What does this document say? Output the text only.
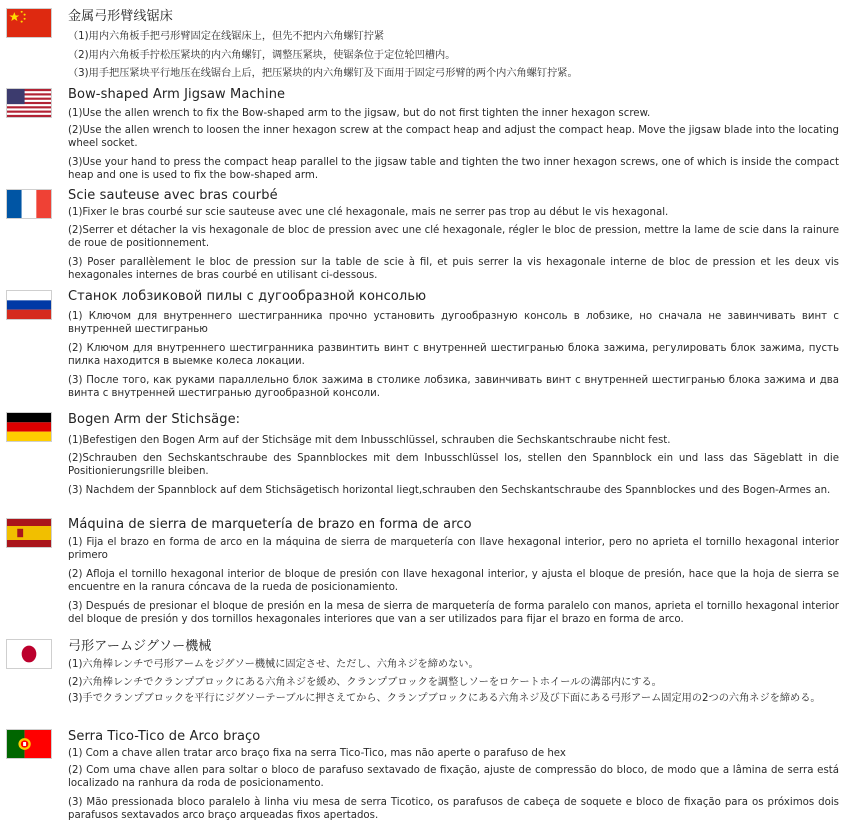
金属弓形臂线锯床
（1)用内六角板手把弓形臂固定在线锯床上，但先不把内六角螺钉拧紧
（2)用内六角板手拧松压紧块的内六角螺钉，调整压紧块，使锯条位于定位轮凹槽内。
（3)用手把压紧块平行地压在线锯台上后，把压紧块的内六角螺钉及下面用于固定弓形臂的两个内六角螺钉拧紧。
Bow-shaped Arm Jigsaw Machine
(1)Use the allen wrench to fix the Bow-shaped arm to the jigsaw, but do not first tighten the inner hexagon screw.
(2)Use the allen wrench to loosen the inner hexagon screw at the compact heap and adjust the compact heap. Move the jigsaw blade into the locating wheel socket.
(3)Use your hand to press the compact heap parallel to the jigsaw table and tighten the two inner hexagon screws, one of which is inside the compact heap and one is used to fix the bow-shaped arm.
Scie sauteuse avec bras courbé
(1)Fixer le bras courbé sur scie sauteuse avec une clé hexagonale, mais ne serrer pas trop au début le vis hexagonal.
(2)Serrer et détacher la vis hexagonale de bloc de pression avec une clé hexagonale, régler le bloc de pression, mettre la lame de scie dans la rainure de roue de positionnement.
(3) Poser parallèlement le bloc de pression sur la table de scie à fil, et puis serrer la vis hexagonale interne de bloc de pression et les deux vis hexagonales internes de bras courbé en utilisant ci-dessous.
Станок лобзиковой пилы с дугообразной консолью
(1) Ключом для внутреннего шестигранника прочно установить дугообразную консоль в лобзике, но сначала не завинчивать винт с внутренней шестигранью
(2) Ключом для внутреннего шестигранника развинтить винт с внутренней шестигранью блока зажима, регулировать блок зажима, пусть пилка находится в выемке колеса локации.
(3) После того, как руками параллельно блок зажима в столике лобзика, завинчивать винт с внутренней шестигранью блока зажима и два винта с внутренней шестигранью дугообразной консоли.
Bogen Arm der Stichsäge:
(1)Befestigen den Bogen Arm auf der Stichsäge mit dem Inbusschlüssel, schrauben die Sechskantschraube nicht fest.
(2)Schrauben den Sechskantschraube des Spannblockes mit dem Inbusschlüssel los, stellen den Spannblock ein und lass das Sägeblatt in die Positionierungsrille bleiben.
(3) Nachdem der Spannblock auf dem Stichsägetisch horizontal liegt,schrauben den Sechskantschraube des Spannblockes und des Bogen-Armes an.
Máquina de sierra de marquetería de brazo en forma de arco
(1) Fija el brazo en forma de arco en la máquina de sierra de marquetería con llave hexagonal interior, pero no aprieta el tornillo hexagonal interior primero
(2) Afloja el tornillo hexagonal interior de bloque de presión con llave hexagonal interior, y ajusta el bloque de presión, hace que la hoja de sierra se encuentre en la ranura cóncava de la rueda de posicionamiento.
(3) Después de presionar el bloque de presión en la mesa de sierra de marquetería de forma paralelo con manos, aprieta el tornillo hexagonal interior del bloque de presión y dos tornillos hexagonales interiores que van a ser utilizados para fijar el brazo en forma de arco.
弓形アームジグソー機械
(1)六角棒レンチで弓形アームをジグソー機械に固定させ、ただし、六角ネジを締めない。
(2)六角棒レンチでクランプブロックにある六角ネジを緩め、クランプブロックを調整しソーをロケートホイールの溝部内にする。
(3)手でクランプブロックを平行にジグソーテーブルに押さえてから、クランプブロックにある六角ネジ及び下面にある弓形アーム固定用の2つの六角ネジを締める。
Serra Tico-Tico de Arco braço
(1) Com a chave allen tratar arco braço fixa na serra Tico-Tico, mas não aperte o parafuso de hex
(2) Com uma chave allen para soltar o bloco de parafuso sextavado de fixação, ajuste de compressão do bloco, de modo que a lâmina de serra está localizado na ranhura da roda de posicionamento.
(3) Mão pressionada bloco paralelo à linha viu mesa de serra Ticotico, os parafusos de cabeça de soquete e bloco de fixação para os próximos dois parafusos sextavados arco braço arqueadas fixos apertados.
